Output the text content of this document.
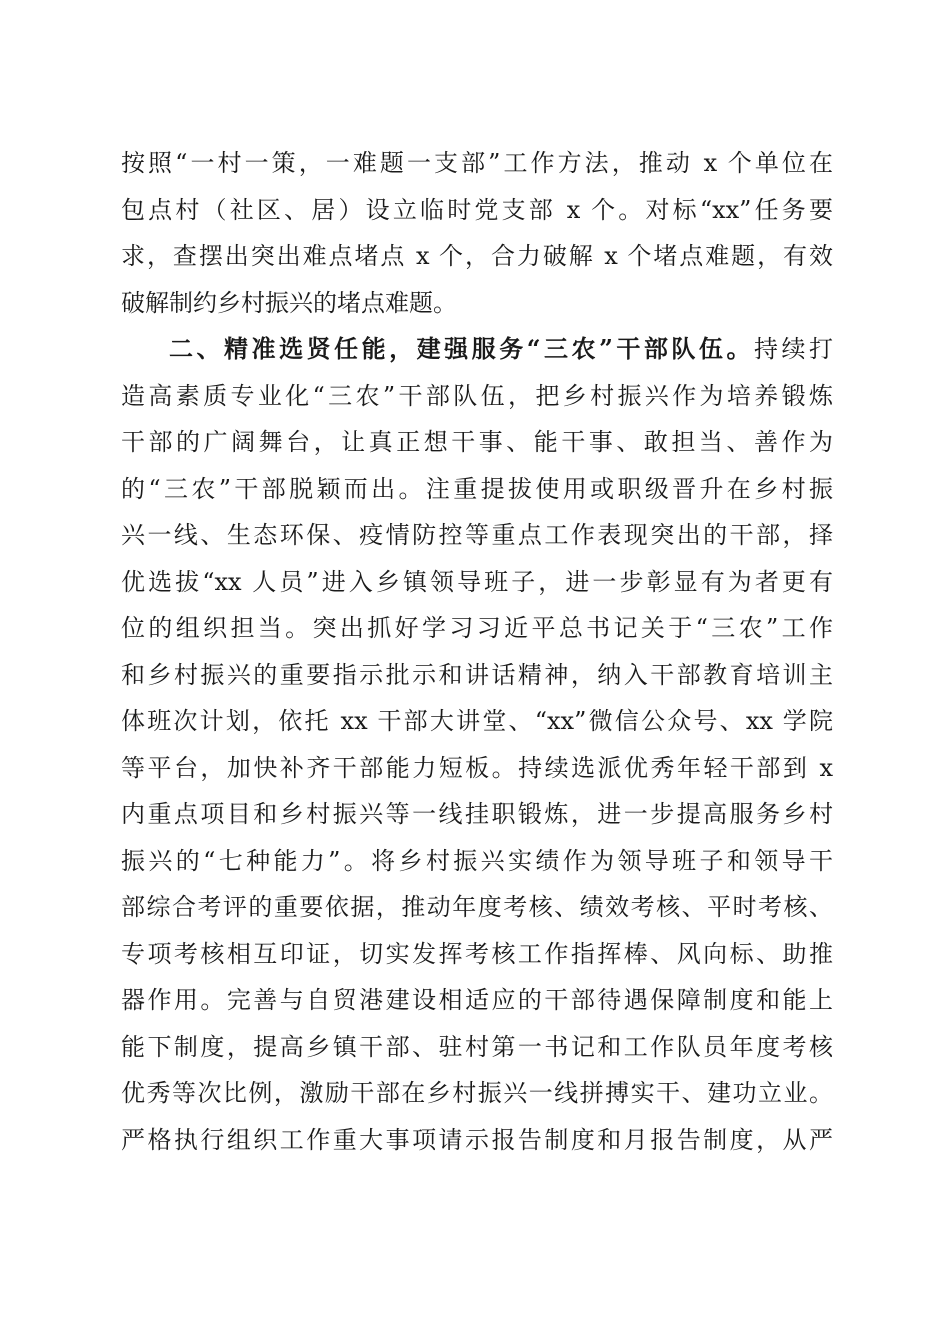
按照“一村一策，一难题一支部”工作方法，推动 x 个单位在
包点村（社区、居）设立临时党支部 x 个。对标“xx”任务要
求，查摆出突出难点堵点 x 个，合力破解 x 个堵点难题，有效
破解制约乡村振兴的堵点难题。
二、精准选贤任能，建强服务“三农”干部队伍。持续打
造高素质专业化“三农”干部队伍，把乡村振兴作为培养锻炼
干部的广阔舞台，让真正想干事、能干事、敢担当、善作为
的“三农”干部脱颖而出。注重提拔使用或职级晋升在乡村振
兴一线、生态环保、疫情防控等重点工作表现突出的干部，择
优选拔“xx 人员”进入乡镇领导班子，进一步彰显有为者更有
位的组织担当。突出抓好学习习近平总书记关于“三农”工作
和乡村振兴的重要指示批示和讲话精神，纳入干部教育培训主
体班次计划，依托 xx 干部大讲堂、“xx”微信公众号、xx 学院
等平台，加快补齐干部能力短板。持续选派优秀年轻干部到 x
内重点项目和乡村振兴等一线挂职锻炼，进一步提高服务乡村
振兴的“七种能力”。将乡村振兴实绩作为领导班子和领导干
部综合考评的重要依据，推动年度考核、绩效考核、平时考核、
专项考核相互印证，切实发挥考核工作指挥棒、风向标、助推
器作用。完善与自贸港建设相适应的干部待遇保障制度和能上
能下制度，提高乡镇干部、驻村第一书记和工作队员年度考核
优秀等次比例，激励干部在乡村振兴一线拼搏实干、建功立业。
严格执行组织工作重大事项请示报告制度和月报告制度，从严
